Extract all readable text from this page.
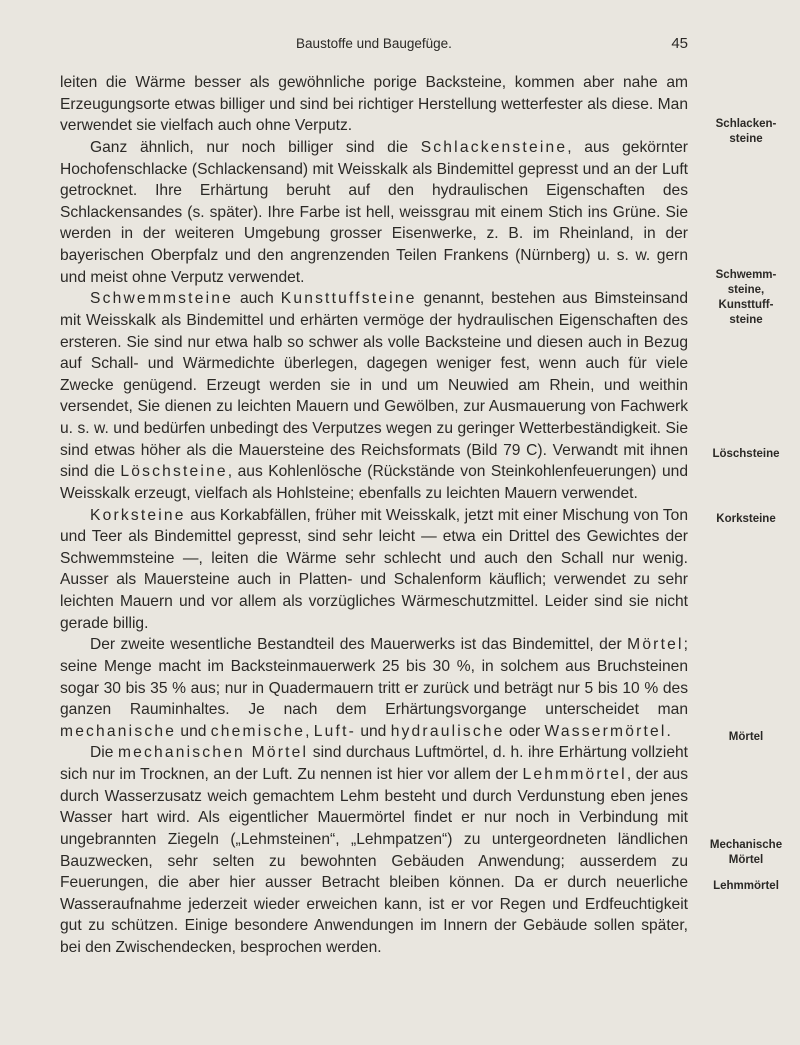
Baustoffe und Baugefüge.	45

leiten die Wärme besser als gewöhnliche porige Backsteine, kommen aber nahe am Erzeugungsorte etwas billiger und sind bei richtiger Herstellung wetterfester als diese. Man verwendet sie vielfach auch ohne Verputz.

Ganz ähnlich, nur noch billiger sind die Schlackensteine, aus gekörnter Hochofenschlacke (Schlackensand) mit Weisskalk als Bindemittel gepresst und an der Luft getrocknet. Ihre Erhärtung beruht auf den hydraulischen Eigenschaften des Schlackensandes (s. später). Ihre Farbe ist hell, weissgrau mit einem Stich ins Grüne. Sie werden in der weiteren Umgebung grosser Eisenwerke, z. B. im Rheinland, in der bayerischen Oberpfalz und den angrenzenden Teilen Frankens (Nürnberg) u. s. w. gern und meist ohne Verputz verwendet.

Schwemmsteine auch Kunsttuffsteine genannt, bestehen aus Bimsteinsand mit Weisskalk als Bindemittel und erhärten vermöge der hydraulischen Eigenschaften des ersteren. Sie sind nur etwa halb so schwer als volle Backsteine und diesen auch in Bezug auf Schall- und Wärmedichte überlegen, dagegen weniger fest, wenn auch für viele Zwecke genügend. Erzeugt werden sie in und um Neuwied am Rhein, und weithin versendet, Sie dienen zu leichten Mauern und Gewölben, zur Ausmauerung von Fachwerk u. s. w. und bedürfen unbedingt des Verputzes wegen zu geringer Wetterbeständigkeit. Sie sind etwas höher als die Mauersteine des Reichsformats (Bild 79 C). Verwandt mit ihnen sind die Löschsteine, aus Kohlenlösche (Rückstände von Steinkohlenfeuerungen) und Weisskalk erzeugt, vielfach als Hohlsteine; ebenfalls zu leichten Mauern verwendet.

Korksteine aus Korkabfällen, früher mit Weisskalk, jetzt mit einer Mischung von Ton und Teer als Bindemittel gepresst, sind sehr leicht — etwa ein Drittel des Gewichtes der Schwemmsteine —, leiten die Wärme sehr schlecht und auch den Schall nur wenig. Ausser als Mauersteine auch in Platten- und Schalenform käuflich; verwendet zu sehr leichten Mauern und vor allem als vorzügliches Wärmeschutzmittel. Leider sind sie nicht gerade billig.

Der zweite wesentliche Bestandteil des Mauerwerks ist das Bindemittel, der Mörtel; seine Menge macht im Backsteinmauerwerk 25 bis 30 %, in solchem aus Bruchsteinen sogar 30 bis 35 % aus; nur in Quadermauern tritt er zurück und beträgt nur 5 bis 10 % des ganzen Rauminhaltes. Je nach dem Erhärtungsvorgange unterscheidet man mechanische und chemische, Luft- und hydraulische oder Wassermörtel.

Die mechanischen Mörtel sind durchaus Luftmörtel, d. h. ihre Erhärtung vollzieht sich nur im Trocknen, an der Luft. Zu nennen ist hier vor allem der Lehmmörtel, der aus durch Wasserzusatz weich gemachtem Lehm besteht und durch Verdunstung eben jenes Wasser hart wird. Als eigentlicher Mauermörtel findet er nur noch in Verbindung mit ungebrannten Ziegeln („Lehmsteinen“, „Lehmpatzen“) zu untergeordneten ländlichen Bauzwecken, sehr selten zu bewohnten Gebäuden Anwendung; ausserdem zu Feuerungen, die aber hier ausser Betracht bleiben können. Da er durch neuerliche Wasseraufnahme jederzeit wieder erweichen kann, ist er vor Regen und Erdfeuchtigkeit gut zu schützen. Einige besondere Anwendungen im Innern der Gebäude sollen später, bei den Zwischendecken, besprochen werden.

Schlacken-
steine
Schwemm-
steine,
Kunsttuff-
steine
Löschsteine
Korksteine
Mörtel
Mechanische
Mörtel
Lehmmörtel
